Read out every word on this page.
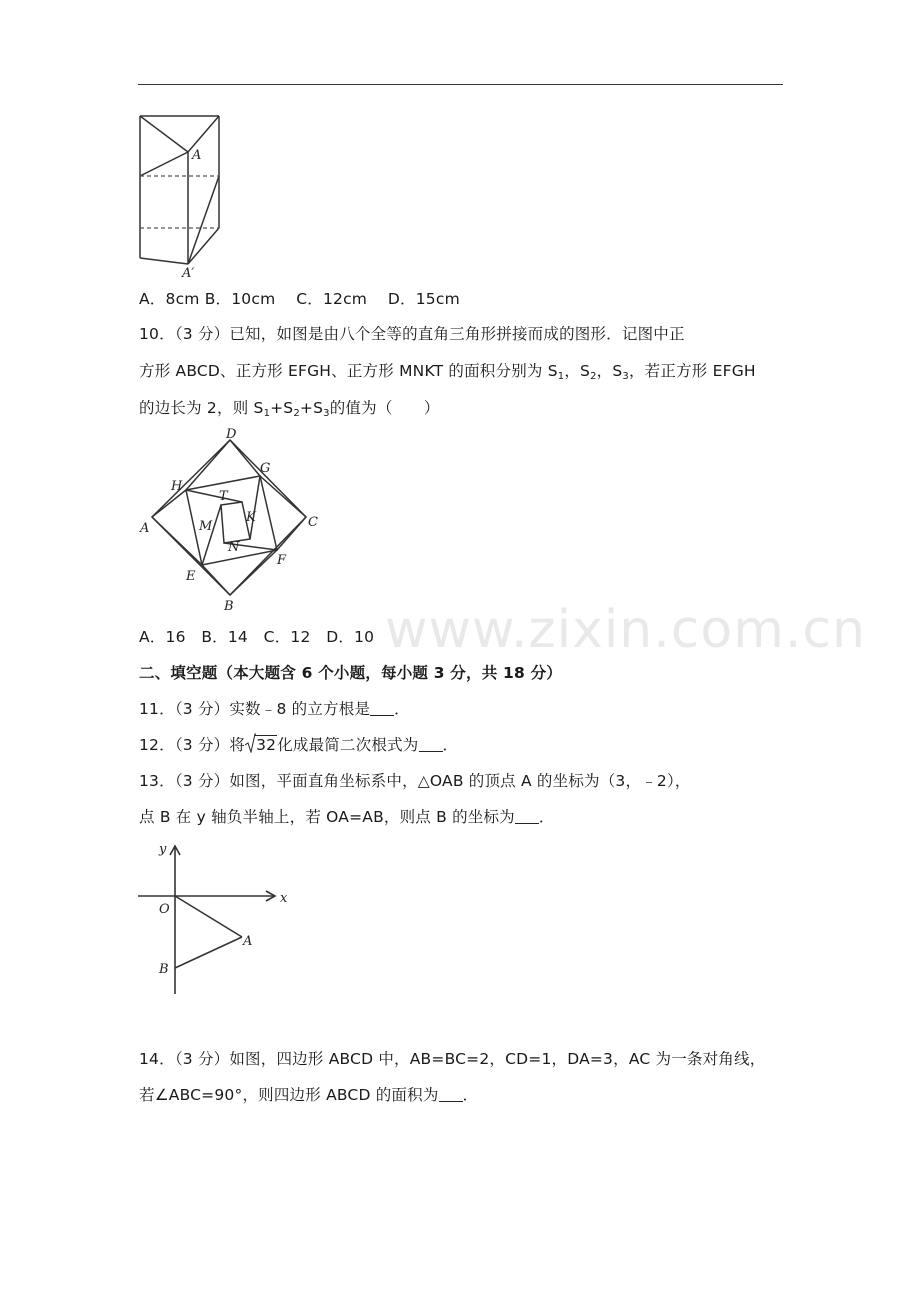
A
A′
A．8cm B．10cm　 C．12cm　 D．15cm
10．（3 分）已知，如图是由八个全等的直角三角形拼接而成的图形．记图中正
方形 ABCD、正方形 EFGH、正方形 MNKT 的面积分别为 $S_1$，$S_2$，$S_3$，若正方形 EFGH
的边长为 2，则 $S_1+S_2+S_3$的值为（　　）
D
G
H
T
A	M
K	C
N
E
F
B
A．16　B．14　C．12　D．10 www.zixin.com.cn
二、填空题（本大题含 6 个小题，每小题 3 分，共 18 分）
11．（3 分）实数﹣8 的立方根是 ．
12．（3 分）将 32化成最简二次根式为 ．
13．（3 分）如图，平面直角坐标系中，△OAB 的顶点 A 的坐标为（3，﹣2），
点 B 在 y 轴负半轴上，若 OA=AB，则点 B 的坐标为 ．
y
x
O
A
B
14．（3 分）如图，四边形 ABCD 中，AB=BC=2，CD=1，DA=3，AC 为一条对角线，
若∠ABC=90°，则四边形 ABCD 的面积为 ．
